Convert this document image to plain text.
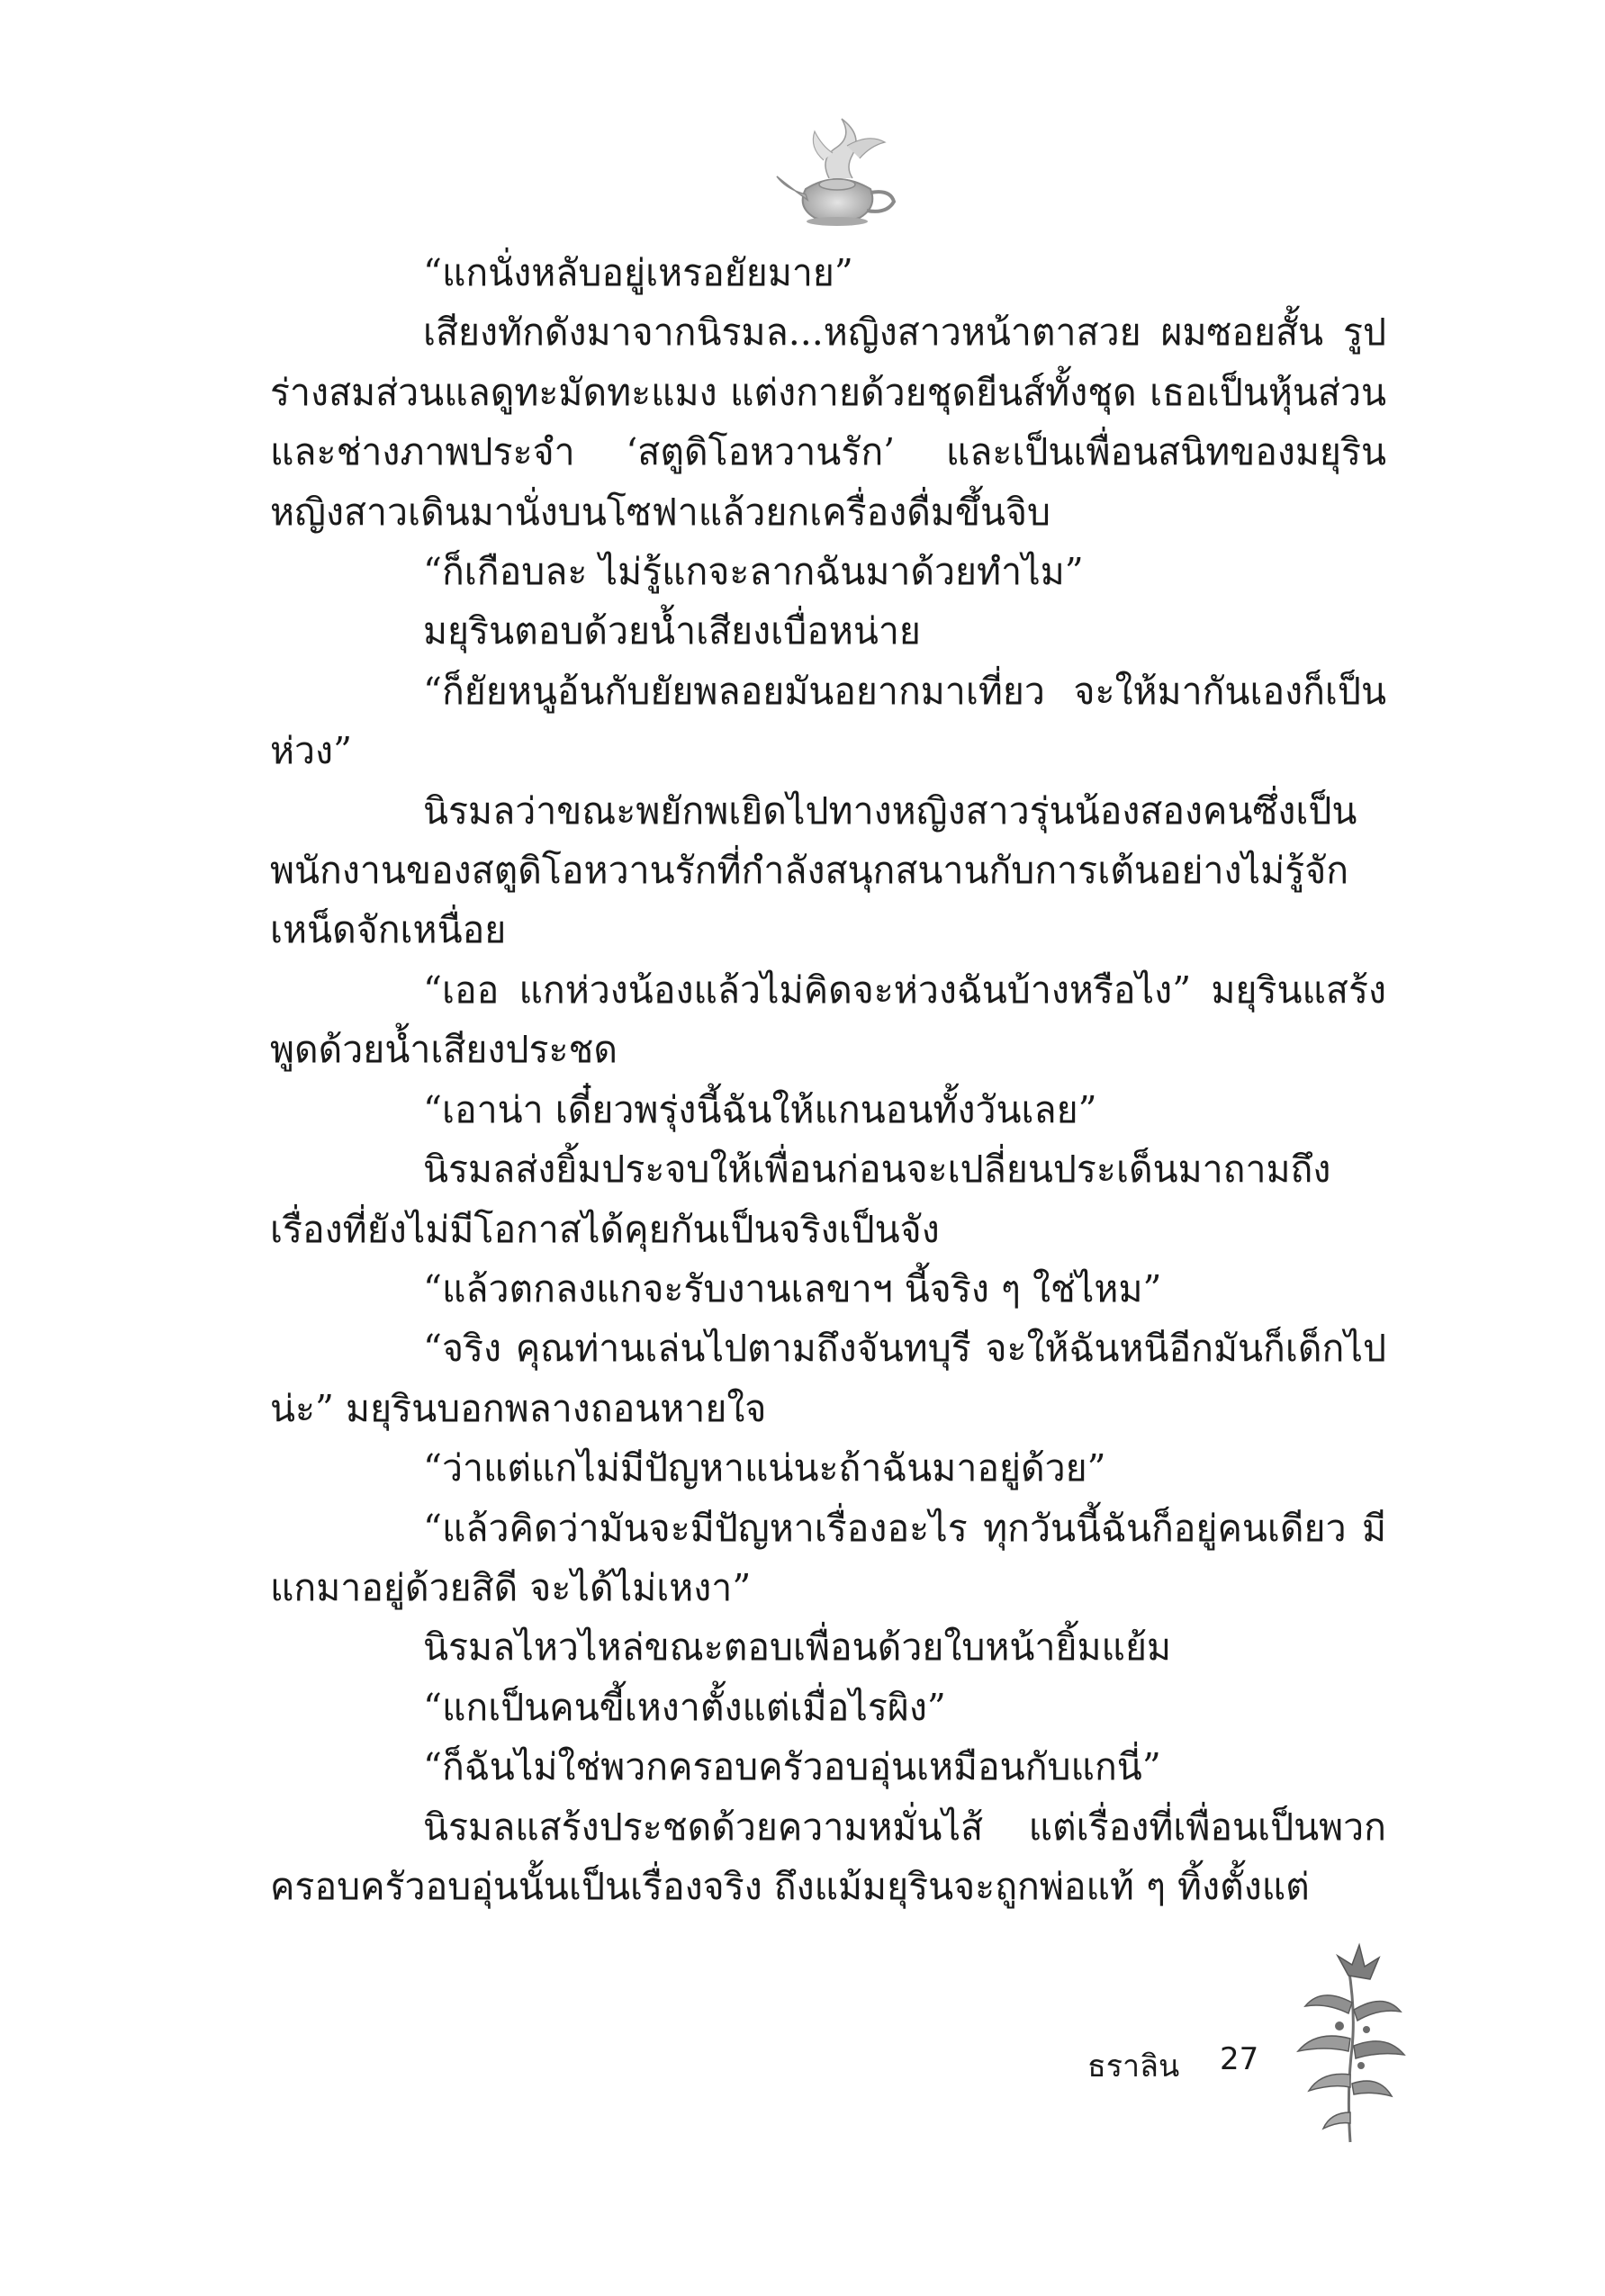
“แกนั่งหลับอยู่เหรอยัยมาย”

เสียงทักดังมาจากนิรมล...หญิงสาวหน้าตาสวย ผมซอยสั้น รูปร่างสมส่วนแลดูทะมัดทะแมง แต่งกายด้วยชุดยีนส์ทั้งชุด เธอเป็นหุ้นส่วนและช่างภาพประจำ ‘สตูดิโอหวานรัก’ และเป็นเพื่อนสนิทของมยุริน หญิงสาวเดินมานั่งบนโซฟาแล้วยกเครื่องดื่มขึ้นจิบ

“ก็เกือบละ ไม่รู้แกจะลากฉันมาด้วยทำไม”

มยุรินตอบด้วยน้ำเสียงเบื่อหน่าย

“ก็ยัยหนูอ้นกับยัยพลอยมันอยากมาเที่ยว จะให้มากันเองก็เป็นห่วง”

นิรมลว่าขณะพยักพเยิดไปทางหญิงสาวรุ่นน้องสองคนซึ่งเป็นพนักงานของสตูดิโอหวานรักที่กำลังสนุกสนานกับการเต้นอย่างไม่รู้จักเหน็ดจักเหนื่อย

“เออ แกห่วงน้องแล้วไม่คิดจะห่วงฉันบ้างหรือไง” มยุรินแสร้งพูดด้วยน้ำเสียงประชด

“เอาน่า เดี๋ยวพรุ่งนี้ฉันให้แกนอนทั้งวันเลย”

นิรมลส่งยิ้มประจบให้เพื่อนก่อนจะเปลี่ยนประเด็นมาถามถึงเรื่องที่ยังไม่มีโอกาสได้คุยกันเป็นจริงเป็นจัง

“แล้วตกลงแกจะรับงานเลขาฯ นี้จริง ๆ ใช่ไหม”

“จริง คุณท่านเล่นไปตามถึงจันทบุรี จะให้ฉันหนีอีกมันก็เด็กไปน่ะ” มยุรินบอกพลางถอนหายใจ

“ว่าแต่แกไม่มีปัญหาแน่นะถ้าฉันมาอยู่ด้วย”

“แล้วคิดว่ามันจะมีปัญหาเรื่องอะไร ทุกวันนี้ฉันก็อยู่คนเดียว มีแกมาอยู่ด้วยสิดี จะได้ไม่เหงา”

นิรมลไหวไหล่ขณะตอบเพื่อนด้วยใบหน้ายิ้มแย้ม

“แกเป็นคนขี้เหงาตั้งแต่เมื่อไรผิง”

“ก็ฉันไม่ใช่พวกครอบครัวอบอุ่นเหมือนกับแกนี่”

นิรมลแสร้งประชดด้วยความหมั่นไส้ แต่เรื่องที่เพื่อนเป็นพวกครอบครัวอบอุ่นนั้นเป็นเรื่องจริง ถึงแม้มยุรินจะถูกพ่อแท้ ๆ ทิ้งตั้งแต่

ธราลิน 27
